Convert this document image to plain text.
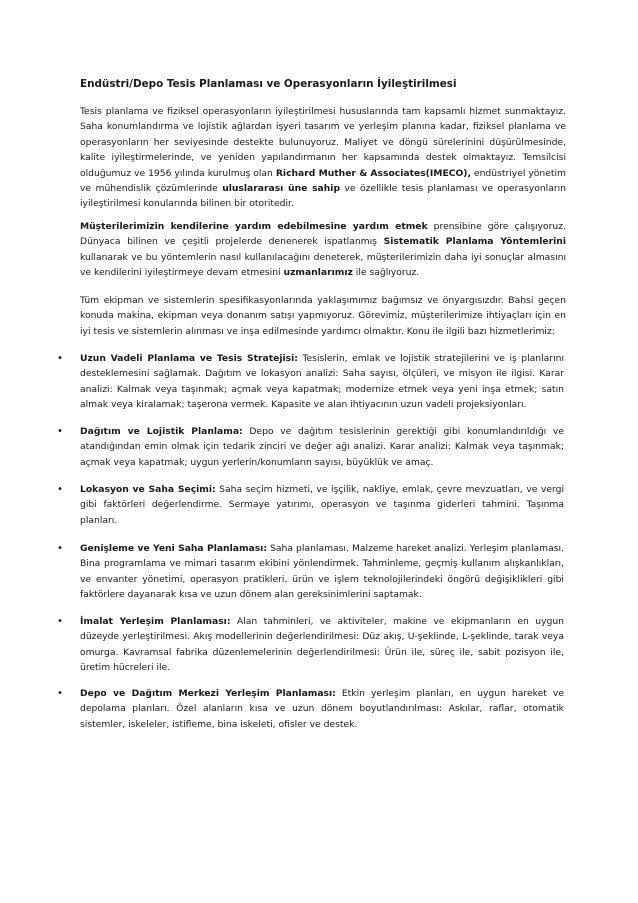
Endüstri/Depo Tesis Planlaması ve Operasyonların İyileştirilmesi

Tesis planlama ve fiziksel operasyonların iyileştirilmesi hususlarında tam kapsamlı hizmet sunmaktayız. Saha konumlandırma ve lojistik ağlardan işyeri tasarım ve yerleşim planına kadar, fiziksel planlama ve operasyonların her seviyesinde destekte bulunuyoruz. Maliyet ve döngü sürelerinini düşürülmesinde, kalite iyileştirmelerinde, ve yeniden yapılandırmanın her kapsamında destek olmaktayız. Temsilcisi olduğumuz ve 1956 yılında kurulmuş olan Richard Muther & Associates(IMECO), endüstriyel yönetim ve mühendislik çözümlerinde uluslararası üne sahip ve özellikle tesis planlaması ve operasyonların iyileştirilmesi konularında bilinen bir otoritedir.

Müşterilerimizin kendilerine yardım edebilmesine yardım etmek prensibine göre çalışıyoruz. Dünyaca bilinen ve çeşitli projelerde denenerek ispatlanmış Sistematik Planlama Yöntemlerini kullanarak ve bu yöntemlerin nasıl kullanılacağını deneterek, müşterilerimizin daha iyi sonuçlar almasını ve kendilerini iyileştirmeye devam etmesini uzmanlarımız ile sağlıyoruz.

Tüm ekipman ve sistemlerin spesifikasyonlarında yaklaşımımız bağımsız ve önyargısızdır. Bahsi geçen konuda makina, ekipman veya donanım satışı yapmıyoruz. Görevimiz, müşterilerimize ihtiyaçları için en iyi tesis ve sistemlerin alınması ve inşa edilmesinde yardımcı olmaktır. Konu ile ilgili bazı hizmetlerimiz:

• Uzun Vadeli Planlama ve Tesis Stratejisi: Tesislerin, emlak ve lojistik stratejilerini ve iş planlarını desteklemesini sağlamak. Dağıtım ve lokasyon analizi: Saha sayısı, ölçüleri, ve misyon ile ilgisi. Karar analizi: Kalmak veya taşınmak; açmak veya kapatmak; modernize etmek veya yeni inşa etmek; satın almak veya kiralamak; taşeronа vermek. Kapasite ve alan ihtiyacının uzun vadeli projeksiyonları.
• Dağıtım ve Lojistik Planlama: Depo ve dağıtım tesislerinin gerektiği gibi konumlandırıldığı ve atandığından emin olmak için tedarik zinciri ve değer ağı analizi. Karar analizi: Kalmak veya taşınmak; açmak veya kapatmak; uygun yerlerin/konumların sayısı, büyüklük ve amaç.
• Lokasyon ve Saha Seçimi: Saha seçim hizmeti, ve işçilik, nakliye, emlak, çevre mevzuatları, ve vergi gibi faktörleri değerlendirme. Sermaye yatırımı, operasyon ve taşınma giderleri tahmini. Taşınma planları.
• Genişleme ve Yeni Saha Planlaması: Saha planlaması. Malzeme hareket analizi. Yerleşim planlaması. Bina programlama ve mimari tasarım ekibini yönlendirmek. Tahminleme, geçmiş kullanım alışkanlıkları, ve envanter yönetimi, operasyon pratikleri, ürün ve işlem teknolojilerindeki öngörü değişiklikleri gibi faktörlere dayanarak kısa ve uzun dönem alan gereksinimlerini saptamak.
• İmalat Yerleşim Planlaması: Alan tahminleri, ve aktiviteler, makine ve ekipmanların en uygun düzeyde yerleştirilmesi. Akış modellerinin değerlendirilmesi: Düz akış, U-şeklinde, L-şeklinde, tarak veya omurga. Kavramsal fabrika düzenlemelerinin değerlendirilmesi: Ürün ile, süreç ile, sabit pozisyon ile, üretim hücreleri ile.
• Depo ve Dağıtım Merkezi Yerleşim Planlaması: Etkin yerleşim planları, en uygun hareket ve depolama planları. Özel alanların kısa ve uzun dönem boyutlandırılması: Askılar, raflar, otomatik sistemler, iskeleler, istifleme, bina iskeleti, ofisler ve destek.
